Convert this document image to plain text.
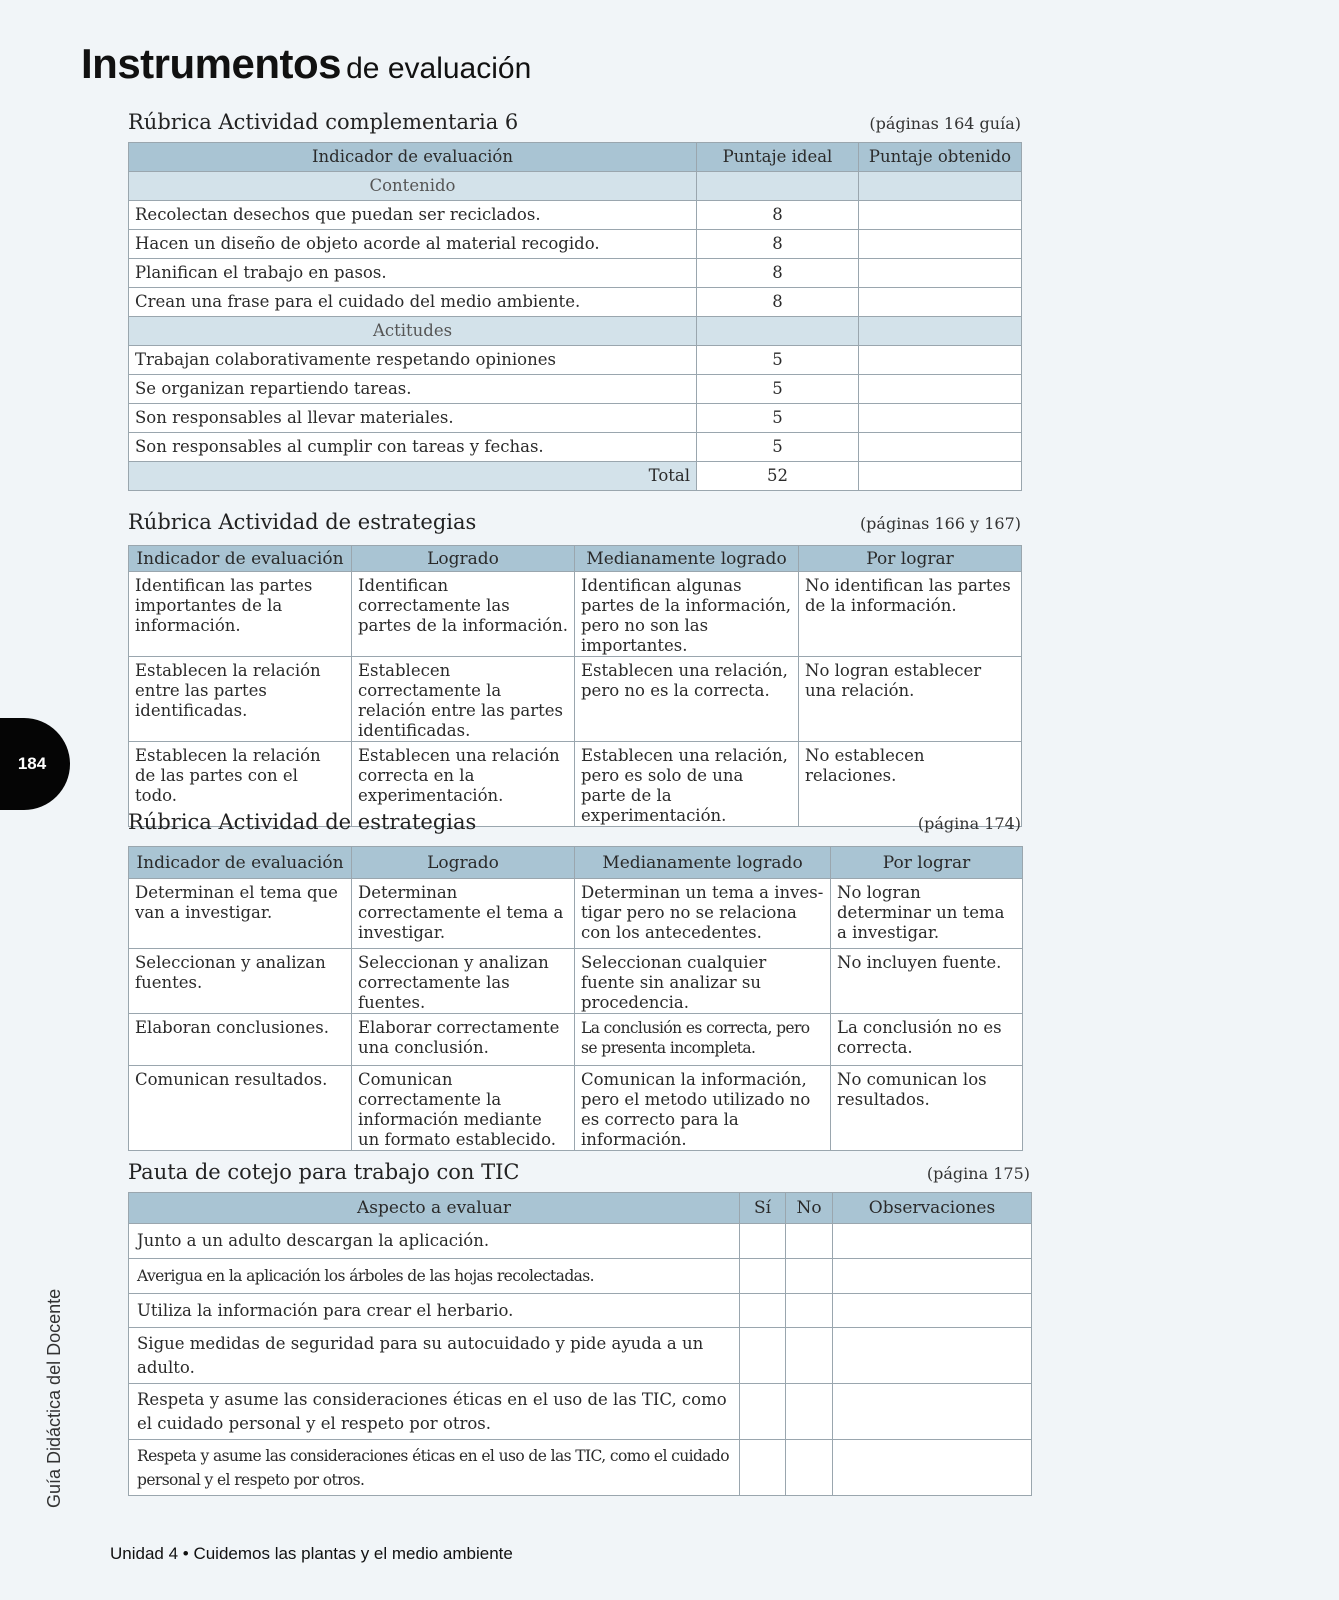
Instrumentos de evaluación
Rúbrica Actividad complementaria 6	(páginas 164 guía)
Indicador de evaluación	Puntaje ideal	Puntaje obtenido
Contenido		
Recolectan desechos que puedan ser reciclados.	8	
Hacen un diseño de objeto acorde al material recogido.	8	
Planifican el trabajo en pasos.	8	
Crean una frase para el cuidado del medio ambiente.	8	
Actitudes		
Trabajan colaborativamente respetando opiniones	5	
Se organizan repartiendo tareas.	5	
Son responsables al llevar materiales.	5	
Son responsables al cumplir con tareas y fechas.	5	
Total	52	
Rúbrica Actividad de estrategias	(páginas 166 y 167)
Indicador de evaluación	Logrado	Medianamente logrado	Por lograr
Identifican las partes importantes de la información.	Identifican correctamente las partes de la información.	Identifican algunas partes de la información, pero no son las importantes.	No identifican las partes de la información.
Establecen la relación entre las partes identificadas.	Establecen correctamente la relación entre las partes identificadas.	Establecen una relación, pero no es la correcta.	No logran establecer una relación.
Establecen la relación de las partes con el todo.	Establecen una relación correcta en la experimentación.	Establecen una relación, pero es solo de una parte de la experimentación.	No establecen relaciones.
184
Rúbrica Actividad de estrategias	(página 174)
Indicador de evaluación	Logrado	Medianamente logrado	Por lograr
Determinan el tema que van a investigar.	Determinan correctamente el tema a investigar.	Determinan un tema a inves-tigar pero no se relaciona con los antecedentes.	No logran determinar un tema a investigar.
Seleccionan y analizan fuentes.	Seleccionan y analizan correctamente las fuentes.	Seleccionan cualquier fuente sin analizar su procedencia.	No incluyen fuente.
Elaboran conclusiones.	Elaborar correctamente una conclusión.	La conclusión es correcta, pero se presenta incompleta.	La conclusión no es correcta.
Comunican resultados.	Comunican correctamente la información mediante un formato establecido.	Comunican la información, pero el metodo utilizado no es correcto para la información.	No comunican los resultados.
Pauta de cotejo para trabajo con TIC	(página 175)
Aspecto a evaluar	Sí	No	Observaciones
Junto a un adulto descargan la aplicación.			
Averigua en la aplicación los árboles de las hojas recolectadas.			
Utiliza la información para crear el herbario.			
Sigue medidas de seguridad para su autocuidado y pide ayuda a un adulto.			
Respeta y asume las consideraciones éticas en el uso de las TIC, como el cuidado personal y el respeto por otros.			
Respeta y asume las consideraciones éticas en el uso de las TIC, como el cuidado personal y el respeto por otros.			
Guía Didáctica del Docente
Unidad 4 • Cuidemos las plantas y el medio ambiente
